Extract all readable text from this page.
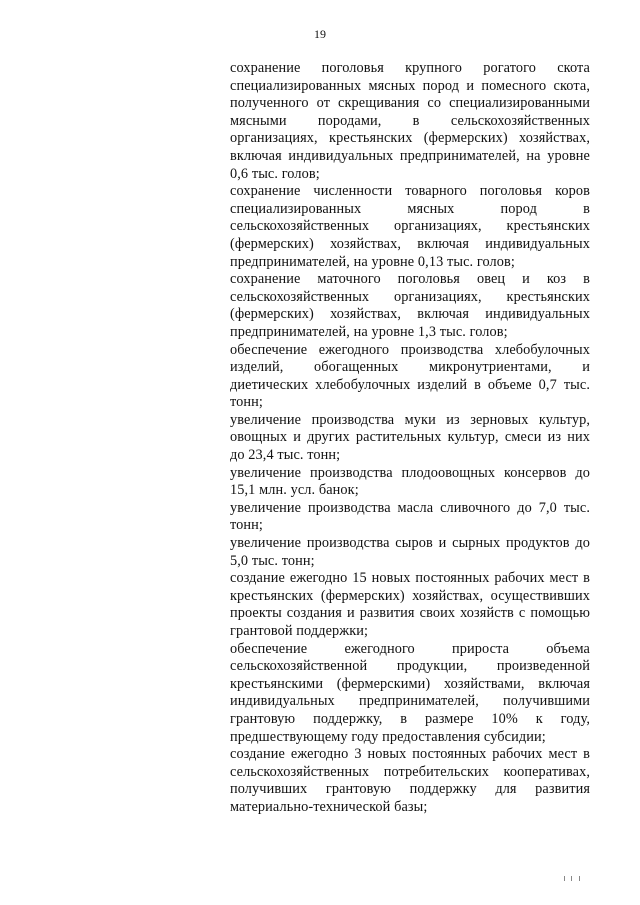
19

сохранение поголовья крупного рогатого скота специализированных мясных пород и помесного скота, полученного от скрещивания со специализированными мясными породами, в сельскохозяйственных организациях, крестьянских (фермерских) хозяйствах, включая индивидуальных предпринимателей, на уровне 0,6 тыс. голов;

сохранение численности товарного поголовья коров специализированных мясных пород в сельскохозяйственных организациях, крестьянских (фермерских) хозяйствах, включая индивидуальных предпринимателей, на уровне 0,13 тыс. голов;

сохранение маточного поголовья овец и коз в сельскохозяйственных организациях, крестьянских (фермерских) хозяйствах, включая индивидуальных предпринимателей, на уровне 1,3 тыс. голов;

обеспечение ежегодного производства хлебобулочных изделий, обогащенных микронутриентами, и диетических хлебобулочных изделий в объеме 0,7 тыс. тонн;

увеличение производства муки из зерновых культур, овощных и других растительных культур, смеси из них до 23,4 тыс. тонн;

увеличение производства плодоовощных консервов до 15,1 млн. усл. банок;

увеличение производства масла сливочного до 7,0 тыс. тонн;

увеличение производства сыров и сырных продуктов до 5,0 тыс. тонн;

создание ежегодно 15 новых постоянных рабочих мест в крестьянских (фермерских) хозяйствах, осуществивших проекты создания и развития своих хозяйств с помощью грантовой поддержки;

обеспечение ежегодного прироста объема сельскохозяйственной продукции, произведенной крестьянскими (фермерскими) хозяйствами, включая индивидуальных предпринимателей, получившими грантовую поддержку, в размере 10% к году, предшествующему году предоставления субсидии;

создание ежегодно 3 новых постоянных рабочих мест в сельскохозяйственных потребительских кооперативах, получивших грантовую поддержку для развития материально-технической базы;
